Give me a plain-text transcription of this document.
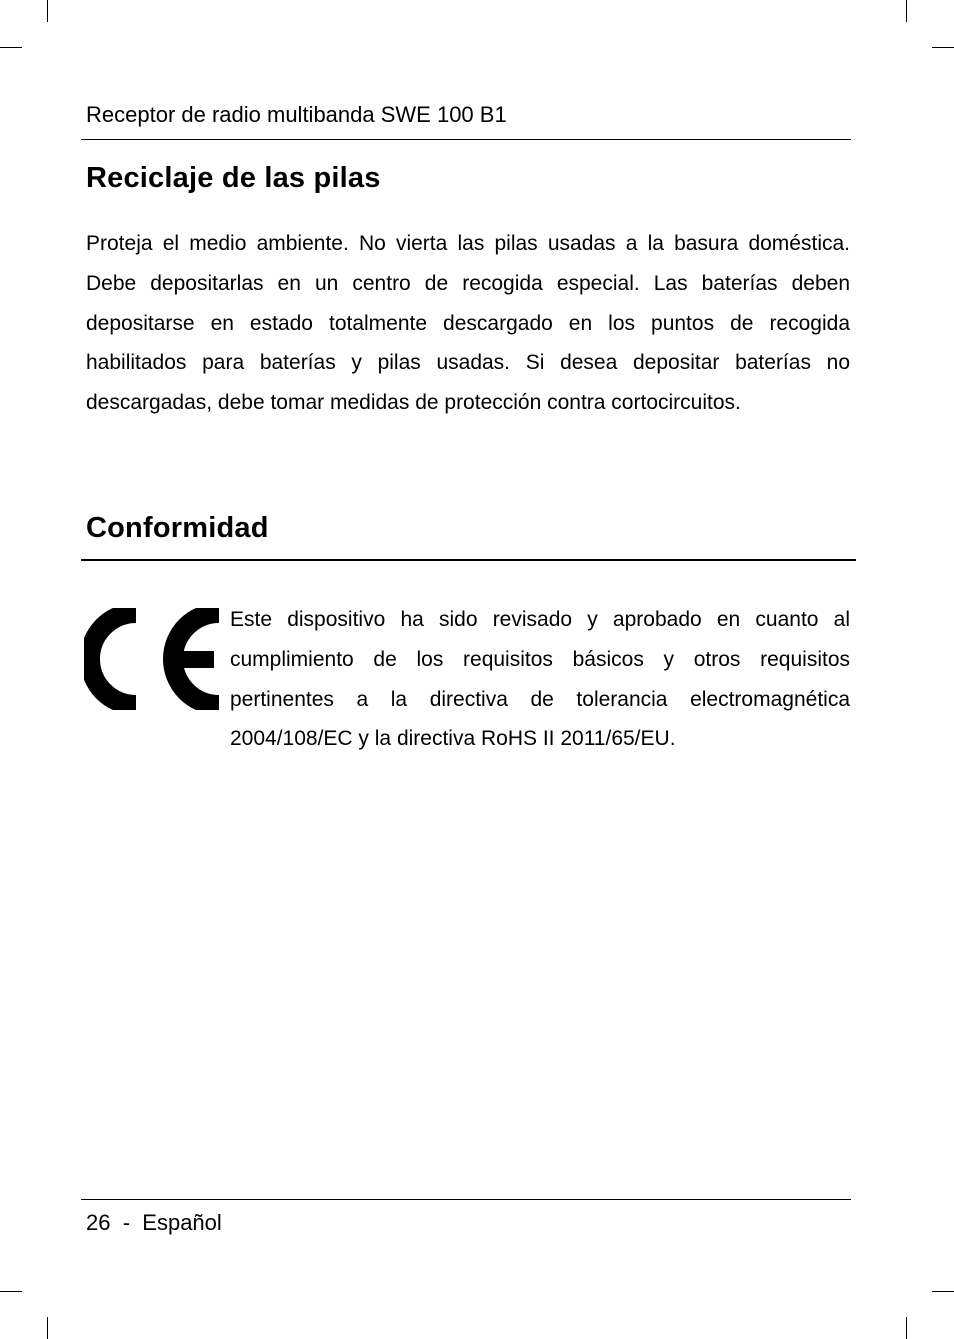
Receptor de radio multibanda SWE 100 B1
Reciclaje de las pilas

Proteja el medio ambiente. No vierta las pilas usadas a la basura doméstica. Debe depositarlas en un centro de recogida especial. Las baterías deben depositarse en estado totalmente descargado en los puntos de recogida habilitados para baterías y pilas usadas. Si desea depositar baterías no descargadas, debe tomar medidas de protección contra cortocircuitos.

Conformidad

Este dispositivo ha sido revisado y aprobado en cuanto al cumplimiento de los requisitos básicos y otros requisitos pertinentes a la directiva de tolerancia electromagnética 2004/108/EC y la directiva RoHS II 2011/65/EU.

26 - Español
